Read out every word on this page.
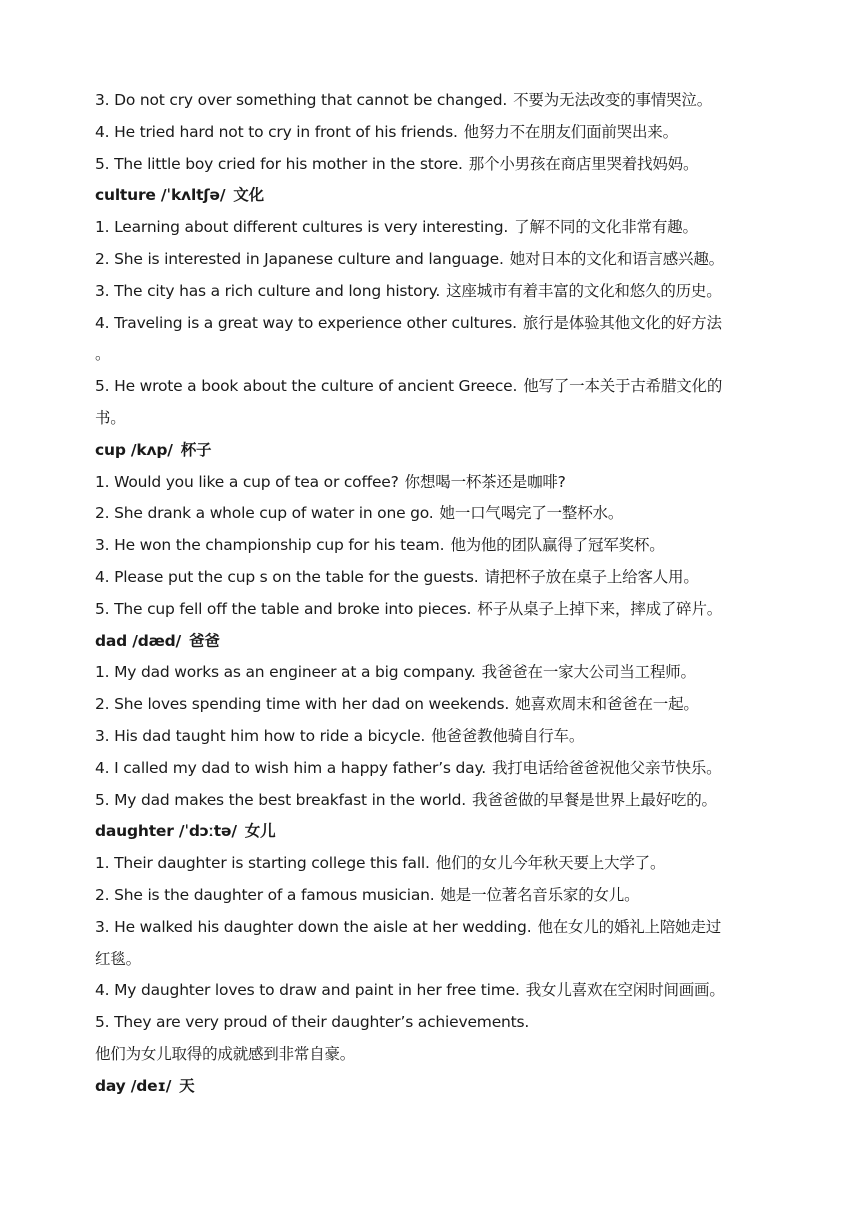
3. Do not cry over something that cannot be changed. 不要为无法改变的事情哭泣。
4. He tried hard not to cry in front of his friends. 他努力不在朋友们面前哭出来。
5. The little boy cried for his mother in the store. 那个小男孩在商店里哭着找妈妈。
culture /ˈkʌltʃə/ 文化
1. Learning about different cultures is very interesting. 了解不同的文化非常有趣。
2. She is interested in Japanese culture and language. 她对日本的文化和语言感兴趣。
3. The city has a rich culture and long history. 这座城市有着丰富的文化和悠久的历史。
4. Traveling is a great way to experience other cultures. 旅行是体验其他文化的好方法
。
5. He wrote a book about the culture of ancient Greece. 他写了一本关于古希腊文化的
书。
cup /kʌp/ 杯子
1. Would you like a cup of tea or coffee? 你想喝一杯茶还是咖啡?
2. She drank a whole cup of water in one go. 她一口气喝完了一整杯水。
3. He won the championship cup for his team. 他为他的团队赢得了冠军奖杯。
4. Please put the cup s on the table for the guests. 请把杯子放在桌子上给客人用。
5. The cup fell off the table and broke into pieces. 杯子从桌子上掉下来，摔成了碎片。
dad /dæd/ 爸爸
1. My dad works as an engineer at a big company. 我爸爸在一家大公司当工程师。
2. She loves spending time with her dad on weekends. 她喜欢周末和爸爸在一起。
3. His dad taught him how to ride a bicycle. 他爸爸教他骑自行车。
4. I called my dad to wish him a happy father’s day. 我打电话给爸爸祝他父亲节快乐。
5. My dad makes the best breakfast in the world. 我爸爸做的早餐是世界上最好吃的。
daughter /ˈdɔːtə/ 女儿
1. Their daughter is starting college this fall. 他们的女儿今年秋天要上大学了。
2. She is the daughter of a famous musician. 她是一位著名音乐家的女儿。
3. He walked his daughter down the aisle at her wedding. 他在女儿的婚礼上陪她走过
红毯。
4. My daughter loves to draw and paint in her free time. 我女儿喜欢在空闲时间画画。
5. They are very proud of their daughter’s achievements.
他们为女儿取得的成就感到非常自豪。
day /deɪ/ 天
